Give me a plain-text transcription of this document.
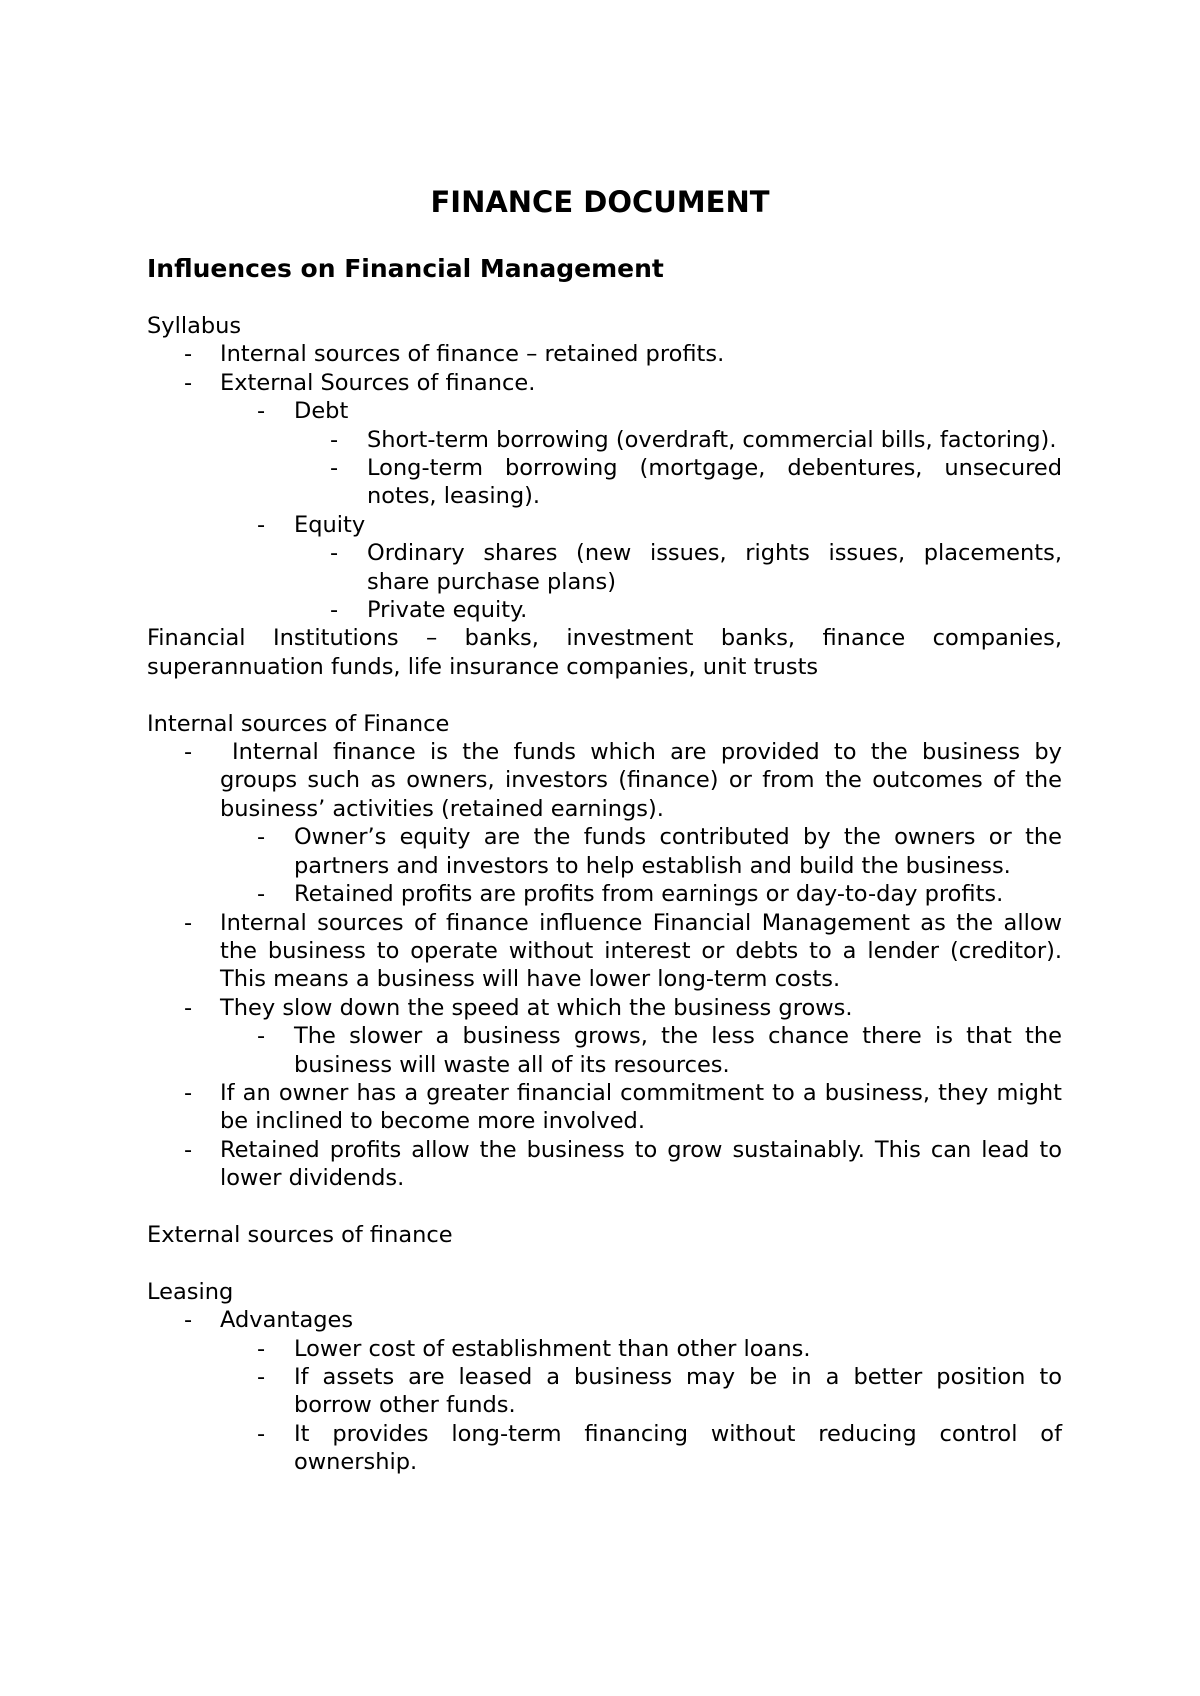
FINANCE DOCUMENT
Influences on Financial Management
Syllabus
- Internal sources of finance – retained profits.
- External Sources of finance.
- Debt
- Short-term borrowing (overdraft, commercial bills, factoring).
- Long-term borrowing (mortgage, debentures, unsecured notes, leasing).
- Equity
- Ordinary shares (new issues, rights issues, placements, share purchase plans)
- Private equity.
Financial Institutions – banks, investment banks, finance companies, superannuation funds, life insurance companies, unit trusts
Internal sources of Finance
- Internal finance is the funds which are provided to the business by groups such as owners, investors (finance) or from the outcomes of the business’ activities (retained earnings).
- Owner’s equity are the funds contributed by the owners or the partners and investors to help establish and build the business.
- Retained profits are profits from earnings or day-to-day profits.
- Internal sources of finance influence Financial Management as the allow the business to operate without interest or debts to a lender (creditor). This means a business will have lower long-term costs.
- They slow down the speed at which the business grows.
- The slower a business grows, the less chance there is that the business will waste all of its resources.
- If an owner has a greater financial commitment to a business, they might be inclined to become more involved.
- Retained profits allow the business to grow sustainably. This can lead to lower dividends.
External sources of finance
Leasing
- Advantages
- Lower cost of establishment than other loans.
- If assets are leased a business may be in a better position to borrow other funds.
- It provides long-term financing without reducing control of ownership.
